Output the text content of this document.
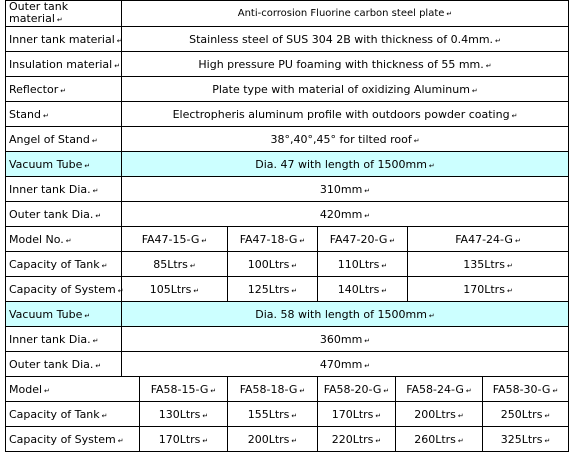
Outer tank material ↵	Anti-corrosion Fluorine carbon steel plate ↵						
Inner tank material ↵	Stainless steel of SUS 304 2B with thickness of 0.4mm. ↵						
Insulation material ↵	High pressure PU foaming with thickness of 55 mm. ↵						
Reflector ↵	Plate type with material of oxidizing Aluminum ↵						
Stand ↵	Electropheris aluminum profile with outdoors powder coating ↵						
Angel of Stand ↵	38°,40°,45° for tilted roof ↵						
Vacuum Tube ↵	Dia. 47 with length of 1500mm ↵						
Inner tank Dia. ↵	310mm ↵						
Outer tank Dia. ↵	420mm ↵						
Model No. ↵	FA47-15-G ↵		FA47-18-G ↵	FA47-20-G ↵		FA47-24-G ↵	
Capacity of Tank ↵	85Ltrs ↵		100Ltrs ↵	110Ltrs ↵		135Ltrs ↵	
Capacity of System ↵	105Ltrs ↵		125Ltrs ↵	140Ltrs ↵		170Ltrs ↵	
Vacuum Tube ↵	Dia. 58 with length of 1500mm ↵						
Inner tank Dia. ↵	360mm ↵						
Outer tank Dia. ↵	470mm ↵						
Model ↵		FA58-15-G ↵	FA58-18-G ↵	FA58-20-G ↵	FA58-24-G ↵		FA58-30-G ↵
Capacity of Tank ↵		130Ltrs ↵	155Ltrs ↵	170Ltrs ↵	200Ltrs ↵		250Ltrs ↵
Capacity of System ↵		170Ltrs ↵	200Ltrs ↵	220Ltrs ↵	260Ltrs ↵		325Ltrs ↵
